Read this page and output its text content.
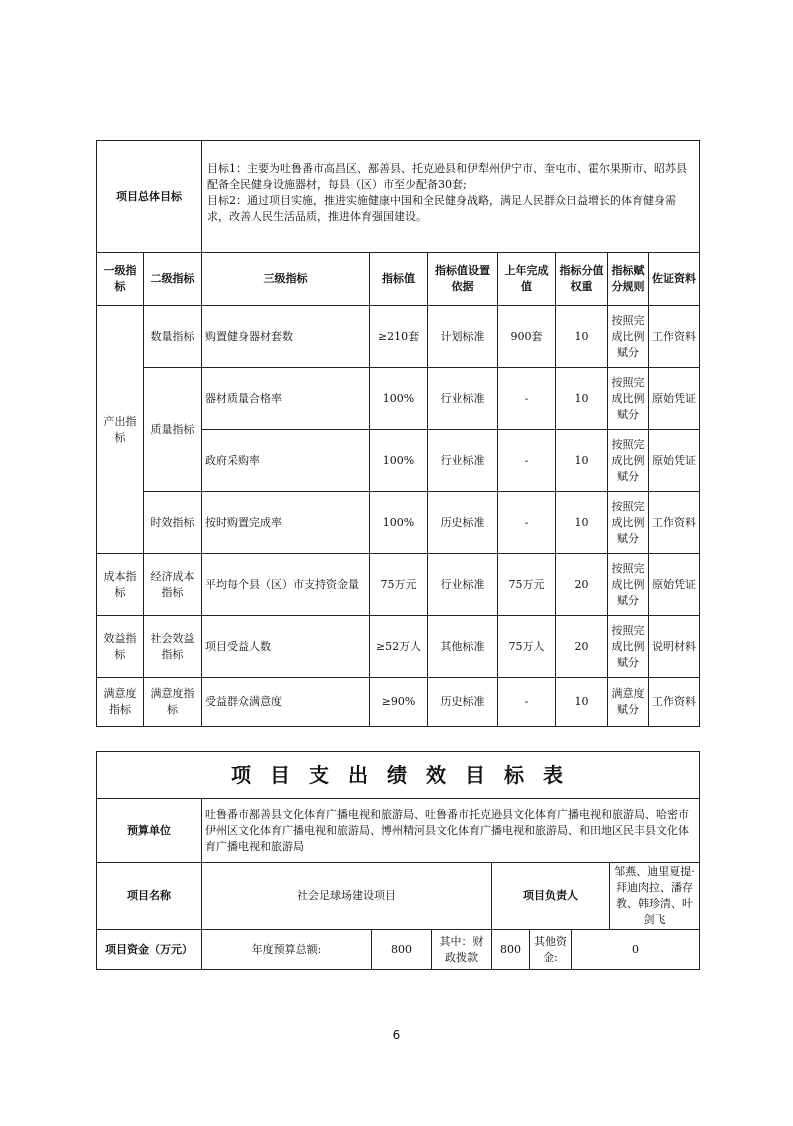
项目总体目标		目标1：主要为吐鲁番市高昌区、鄯善县、托克逊县和伊犁州伊宁市、奎屯市、霍尔果斯市、昭苏县配备全民健身设施器材，每县（区）市至少配备30套;
目标2：通过项目实施，推进实施健康中国和全民健身战略，满足人民群众日益增长的体育健身需求，改善人民生活品质，推进体育强国建设。						
一级指标	二级指标	三级指标	指标值	指标值设置依据	上年完成值	指标分值权重	指标赋分规则	佐证资料
产出指标	数量指标	购置健身器材套数	≥210套	计划标准	900套	10	按照完成比例赋分	工作资料
	质量指标	器材质量合格率	100%	行业标准	-	10	按照完成比例赋分	原始凭证
		政府采购率	100%	行业标准	-	10	按照完成比例赋分	原始凭证
	时效指标	按时购置完成率	100%	历史标准	-	10	按照完成比例赋分	工作资料
成本指标	经济成本指标	平均每个县（区）市支持资金量	75万元	行业标准	75万元	20	按照完成比例赋分	原始凭证
效益指标	社会效益指标	项目受益人数	≥52万人	其他标准	75万人	20	按照完成比例赋分	说明材料
满意度指标	满意度指标	受益群众满意度	≥90%	历史标准	-	10	满意度赋分	工作资料
项目支出绩效目标表							
预算单位	吐鲁番市鄯善县文化体育广播电视和旅游局、吐鲁番市托克逊县文化体育广播电视和旅游局、哈密市伊州区文化体育广播电视和旅游局、博州精河县文化体育广播电视和旅游局、和田地区民丰县文化体育广播电视和旅游局						
项目名称	社会足球场建设项目			项目负责人			邹燕、迪里夏提·拜迪肉拉、潘存教、韩珍清、叶剑飞
项目资金（万元）	年度预算总额:	800	其中：财政拨款	800	其他资金:	0	
6
